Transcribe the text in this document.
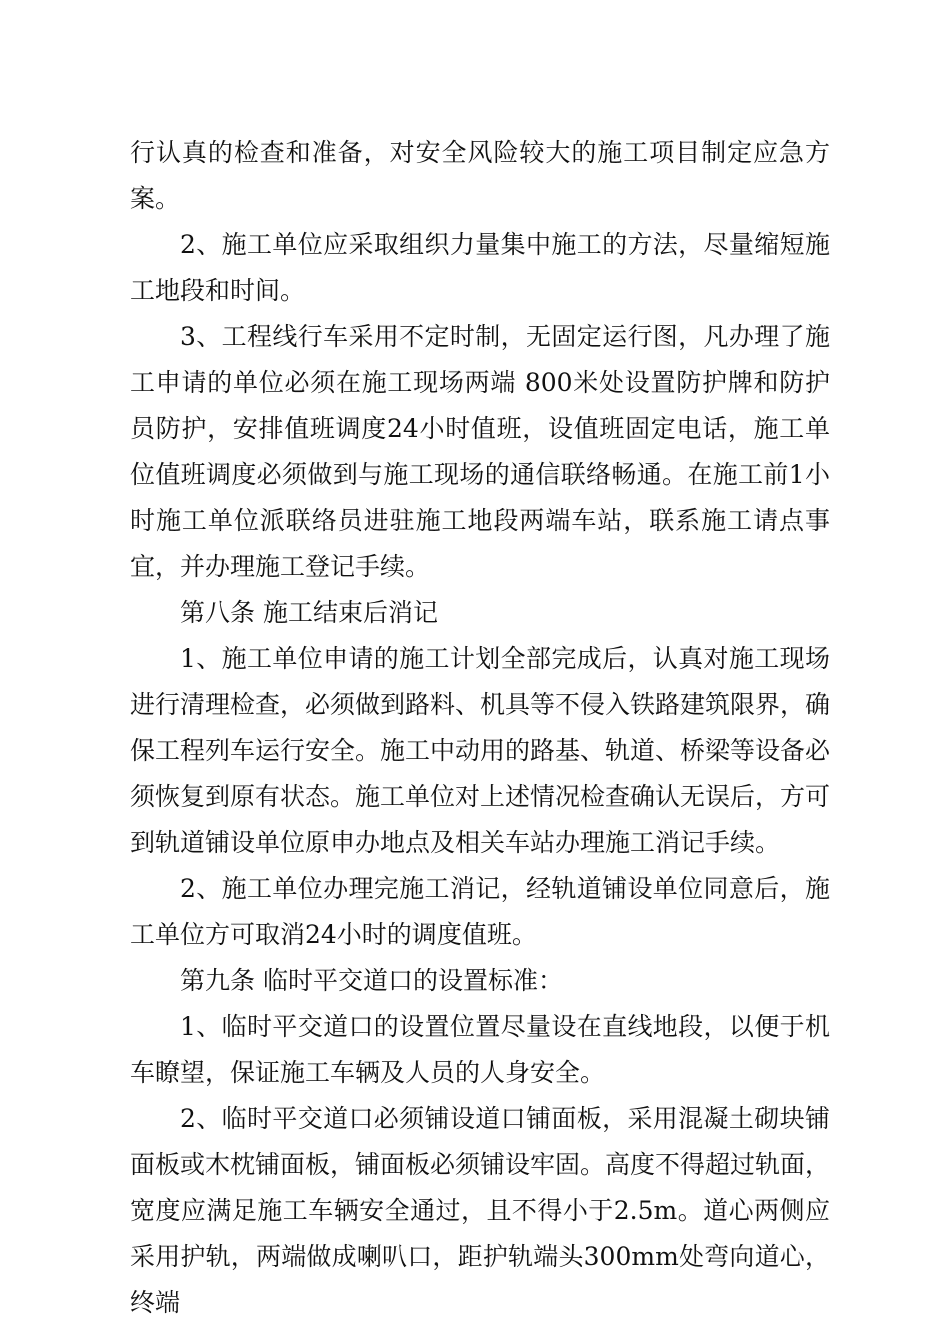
行认真的检查和准备，对安全风险较大的施工项目制定应急方案。

2、施工单位应采取组织力量集中施工的方法，尽量缩短施工地段和时间。

3、工程线行车采用不定时制，无固定运行图，凡办理了施工申请的单位必须在施工现场两端 800米处设置防护牌和防护员防护，安排值班调度24小时值班，设值班固定电话，施工单位值班调度必须做到与施工现场的通信联络畅通。在施工前1小时施工单位派联络员进驻施工地段两端车站，联系施工请点事宜，并办理施工登记手续。

第八条 施工结束后消记

1、施工单位申请的施工计划全部完成后，认真对施工现场进行清理检查，必须做到路料、机具等不侵入铁路建筑限界，确保工程列车运行安全。施工中动用的路基、轨道、桥梁等设备必须恢复到原有状态。施工单位对上述情况检查确认无误后，方可到轨道铺设单位原申办地点及相关车站办理施工消记手续。

2、施工单位办理完施工消记，经轨道铺设单位同意后，施工单位方可取消24小时的调度值班。

第九条 临时平交道口的设置标准：

1、临时平交道口的设置位置尽量设在直线地段，以便于机车瞭望，保证施工车辆及人员的人身安全。

2、临时平交道口必须铺设道口铺面板，采用混凝土砌块铺面板或木枕铺面板，铺面板必须铺设牢固。高度不得超过轨面，宽度应满足施工车辆安全通过，且不得小于2.5m。道心两侧应采用护轨，两端做成喇叭口，距护轨端头300mm处弯向道心，终端
